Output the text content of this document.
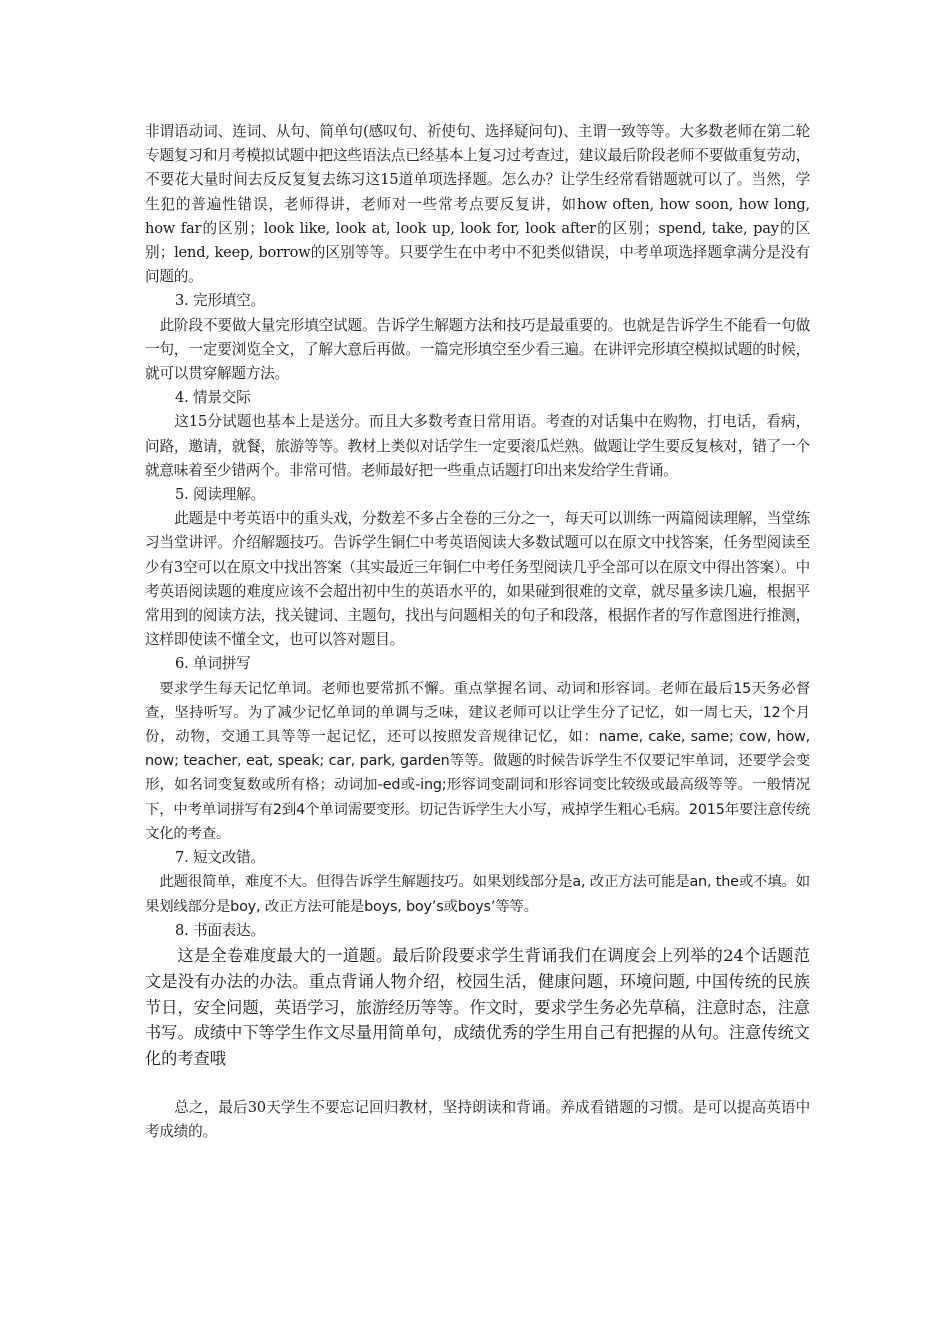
非谓语动词、连词、从句、简单句(感叹句、祈使句、选择疑问句)、主谓一致等等。大多数老师在第二轮专题复习和月考模拟试题中把这些语法点已经基本上复习过考查过，建议最后阶段老师不要做重复劳动，不要花大量时间去反反复复去练习这15道单项选择题。怎么办？让学生经常看错题就可以了。当然，学生犯的普遍性错误，老师得讲，老师对一些常考点要反复讲，如how often, how soon, how long, how far的区别；look like, look at, look up, look for, look after的区别；spend, take, pay的区别；lend, keep, borrow的区别等等。只要学生在中考中不犯类似错误，中考单项选择题拿满分是没有问题的。

3. 完形填空。

此阶段不要做大量完形填空试题。告诉学生解题方法和技巧是最重要的。也就是告诉学生不能看一句做一句，一定要浏览全文，了解大意后再做。一篇完形填空至少看三遍。在讲评完形填空模拟试题的时候，就可以贯穿解题方法。

4. 情景交际

这15分试题也基本上是送分。而且大多数考查日常用语。考查的对话集中在购物，打电话，看病，问路，邀请，就餐，旅游等等。教材上类似对话学生一定要滚瓜烂熟。做题让学生要反复核对，错了一个就意味着至少错两个。非常可惜。老师最好把一些重点话题打印出来发给学生背诵。

5. 阅读理解。

此题是中考英语中的重头戏，分数差不多占全卷的三分之一，每天可以训练一两篇阅读理解，当堂练习当堂讲评。介绍解题技巧。告诉学生铜仁中考英语阅读大多数试题可以在原文中找答案，任务型阅读至少有3空可以在原文中找出答案（其实最近三年铜仁中考任务型阅读几乎全部可以在原文中得出答案）。中考英语阅读题的难度应该不会超出初中生的英语水平的，如果碰到很难的文章，就尽量多读几遍，根据平常用到的阅读方法，找关键词、主题句，找出与问题相关的句子和段落，根据作者的写作意图进行推测，这样即使读不懂全文，也可以答对题目。

6. 单词拼写

要求学生每天记忆单词。老师也要常抓不懈。重点掌握名词、动词和形容词。老师在最后15天务必督查，坚持听写。为了减少记忆单词的单调与乏味，建议老师可以让学生分了记忆，如一周七天，12个月份，动物，交通工具等等一起记忆，还可以按照发音规律记忆，如：name, cake, same; cow, how, now; teacher, eat, speak; car, park, garden等等。做题的时候告诉学生不仅要记牢单词，还要学会变形，如名词变复数或所有格；动词加-ed或-ing;形容词变副词和形容词变比较级或最高级等等。一般情况下，中考单词拼写有2到4个单词需要变形。切记告诉学生大小写，戒掉学生粗心毛病。2015年要注意传统文化的考查。

7. 短文改错。

此题很简单，难度不大。但得告诉学生解题技巧。如果划线部分是a, 改正方法可能是an, the或不填。如果划线部分是boy, 改正方法可能是boys, boy’s或boys’等等。

8. 书面表达。

这是全卷难度最大的一道题。最后阶段要求学生背诵我们在调度会上列举的24个话题范文是没有办法的办法。重点背诵人物介绍，校园生活，健康问题，环境问题, 中国传统的民族节日，安全问题，英语学习，旅游经历等等。作文时，要求学生务必先草稿，注意时态，注意书写。成绩中下等学生作文尽量用简单句，成绩优秀的学生用自己有把握的从句。注意传统文化的考查哦

总之，最后30天学生不要忘记回归教材，坚持朗读和背诵。养成看错题的习惯。是可以提高英语中考成绩的。
